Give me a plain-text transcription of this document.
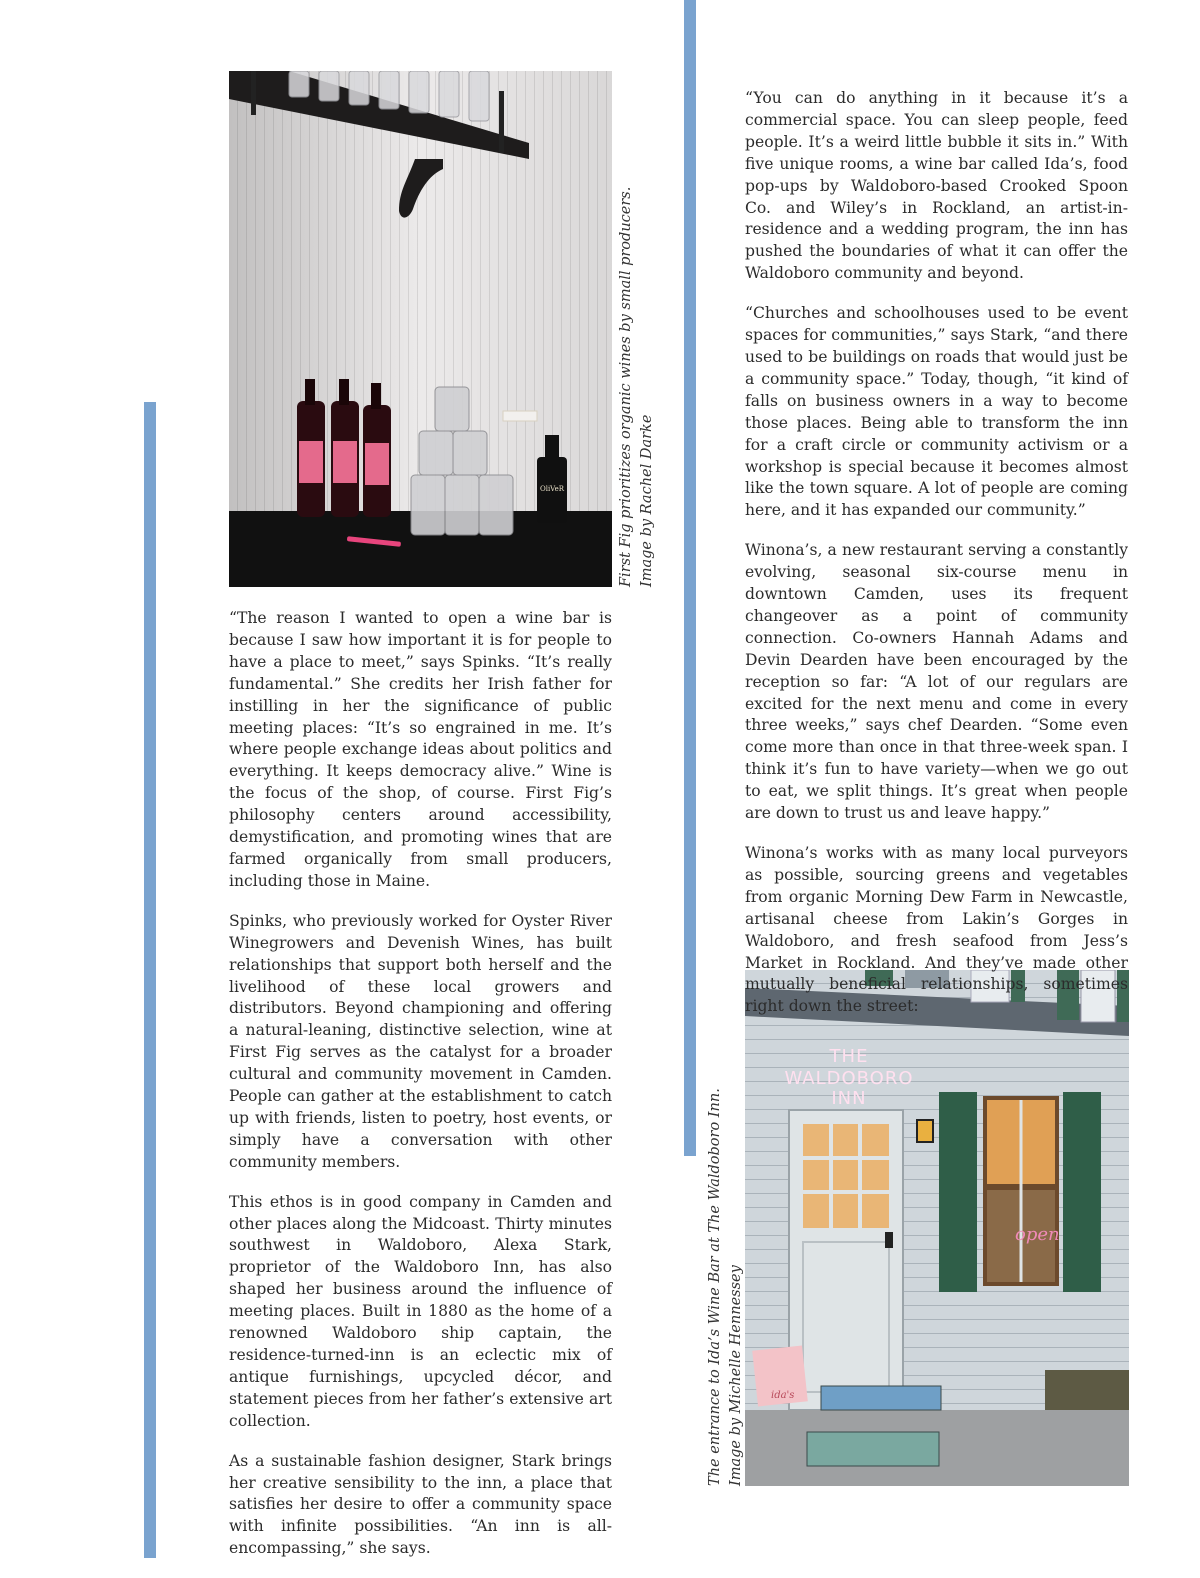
OliVeR	First Fig prioritizes organic wines by small producers. Image by Rachel Darke
THE
WALDOBORO
INN
open
ida's
The entrance to Ida’s Wine Bar at The Waldoboro Inn. Image by Michelle Hennessey

“The reason I wanted to open a wine bar is because I saw how important it is for people to have a place to meet,” says Spinks. “It’s really fundamental.” She credits her Irish father for instilling in her the significance of public meeting places: “It’s so engrained in me. It’s where people exchange ideas about politics and everything. It keeps democracy alive.” Wine is the focus of the shop, of course. First Fig’s philosophy centers around accessibility, demystification, and promoting wines that are farmed organically from small producers, including those in Maine.

Spinks, who previously worked for Oyster River Winegrowers and Devenish Wines, has built relationships that support both herself and the livelihood of these local growers and distributors. Beyond championing and offering a natural-leaning, distinctive selection, wine at First Fig serves as the catalyst for a broader cultural and community movement in Camden. People can gather at the establishment to catch up with friends, listen to poetry, host events, or simply have a conversation with other community members.

This ethos is in good company in Camden and other places along the Midcoast. Thirty minutes southwest in Waldoboro, Alexa Stark, proprietor of the Waldoboro Inn, has also shaped her business around the influence of meeting places. Built in 1880 as the home of a renowned Waldoboro ship captain, the residence-turned-inn is an eclectic mix of antique furnishings, upcycled décor, and statement pieces from her father’s extensive art collection.

As a sustainable fashion designer, Stark brings her creative sensibility to the inn, a place that satisfies her desire to offer a community space with infinite possibilities. “An inn is all-encompassing,” she says.

“You can do anything in it because it’s a commercial space. You can sleep people, feed people. It’s a weird little bubble it sits in.” With five unique rooms, a wine bar called Ida’s, food pop-ups by Waldoboro-based Crooked Spoon Co. and Wiley’s in Rockland, an artist-in-residence and a wedding program, the inn has pushed the boundaries of what it can offer the Waldoboro community and beyond.

“Churches and schoolhouses used to be event spaces for communities,” says Stark, “and there used to be buildings on roads that would just be a community space.” Today, though, “it kind of falls on business owners in a way to become those places. Being able to transform the inn for a craft circle or community activism or a workshop is special because it becomes almost like the town square. A lot of people are coming here, and it has expanded our community.”

Winona’s, a new restaurant serving a constantly evolving, seasonal six-course menu in downtown Camden, uses its frequent changeover as a point of community connection. Co-owners Hannah Adams and Devin Dearden have been encouraged by the reception so far: “A lot of our regulars are excited for the next menu and come in every three weeks,” says chef Dearden. “Some even come more than once in that three-week span. I think it’s fun to have variety—when we go out to eat, we split things. It’s great when people are down to trust us and leave happy.”

Winona’s works with as many local purveyors as possible, sourcing greens and vegetables from organic Morning Dew Farm in Newcastle, artisanal cheese from Lakin’s Gorges in Waldoboro, and fresh seafood from Jess’s Market in Rockland. And they’ve made other mutually beneficial relationships, sometimes right down the street:
